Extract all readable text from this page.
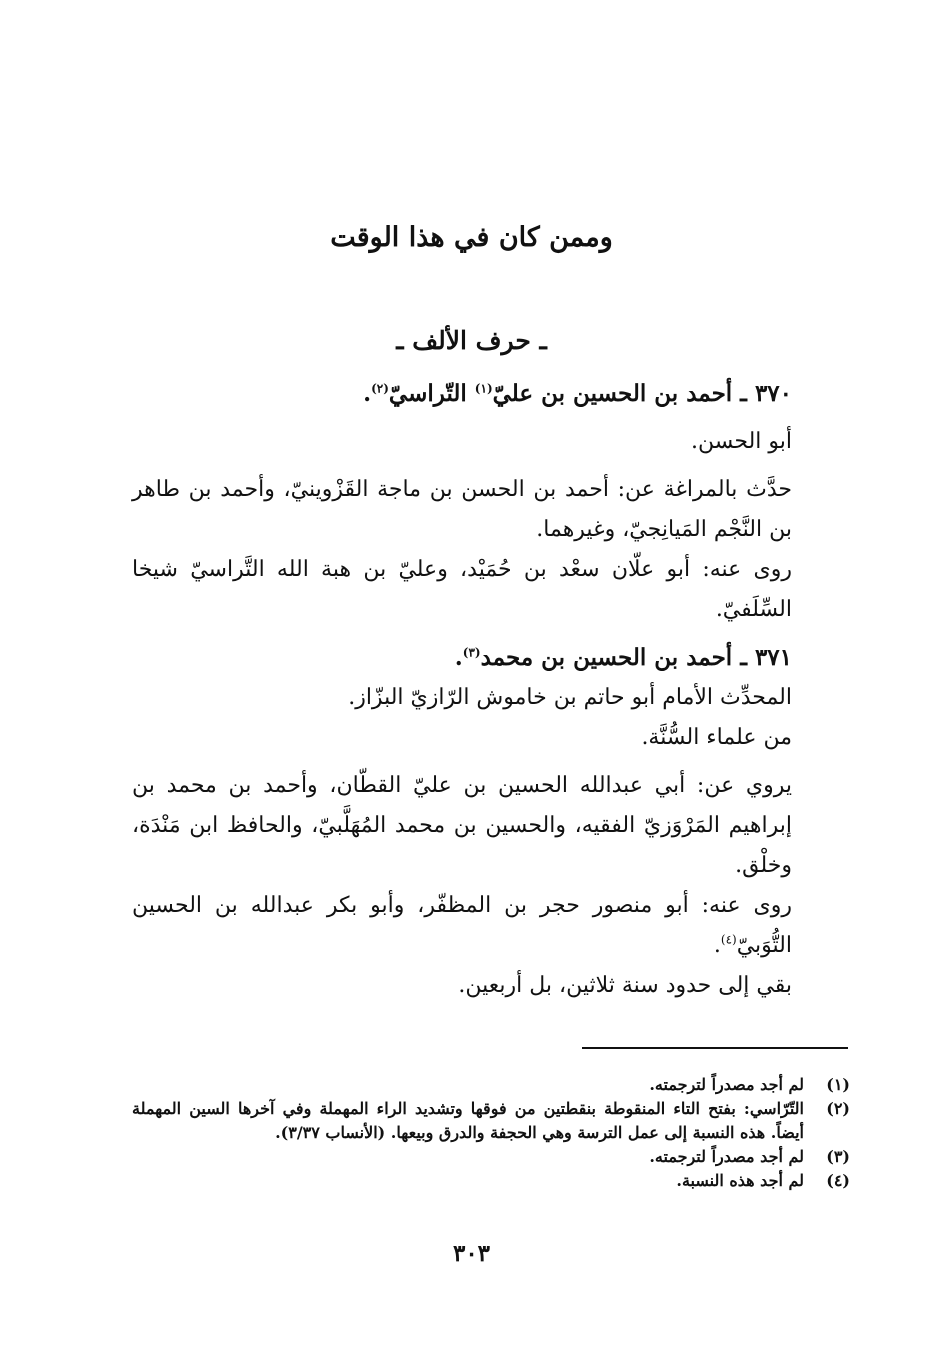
وممن كان في هذا الوقت
ـ حرف الألف ـ

٣٧٠ ـ أحمد بن الحسين بن عليّ$^{(١)}$ التّراسيّ$^{(٢)}$.

أبو الحسن.

حدَّث بالمراغة عن: أحمد بن الحسن بن ماجة القَزْوينيّ، وأحمد بن طاهر بن النَّجْم المَيانِجيّ، وغيرهما.

روى عنه: أبو علّان سعْد بن حُمَيْد، وعليّ بن هبة الله التَّراسيّ شيخا السِّلَفيّ.

٣٧١ ـ أحمد بن الحسين بن محمد$^{(٣)}$.

المحدِّث الأمام أبو حاتم بن خاموش الرّازيّ البزّاز.

من علماء السُّنَّة.

يروي عن: أبي عبدالله الحسين بن عليّ القطّان، وأحمد بن محمد بن إبراهيم المَرْوَزيّ الفقيه، والحسين بن محمد المُهَلَّبيّ، والحافظ ابن مَنْدَة، وخلْق.

روى عنه: أبو منصور حجر بن المظفّر، وأبو بكر عبدالله بن الحسين التُّوَبيّ$^{(٤)}$.

بقي إلى حدود سنة ثلاثين، بل أربعين.

(١)
لم أجد مصدراً لترجمته.
(٢)
التّرّاسي: بفتح التاء المنقوطة بنقطتين من فوقها وتشديد الراء المهملة وفي آخرها السين المهملة أيضاً. هذه النسبة إلى عمل الترسة وهي الحجفة والدرق وبيعها. (الأنساب ٣/٣٧).
(٣)
لم أجد مصدراً لترجمته.
(٤)
لم أجد هذه النسبة.
٣٠٣
